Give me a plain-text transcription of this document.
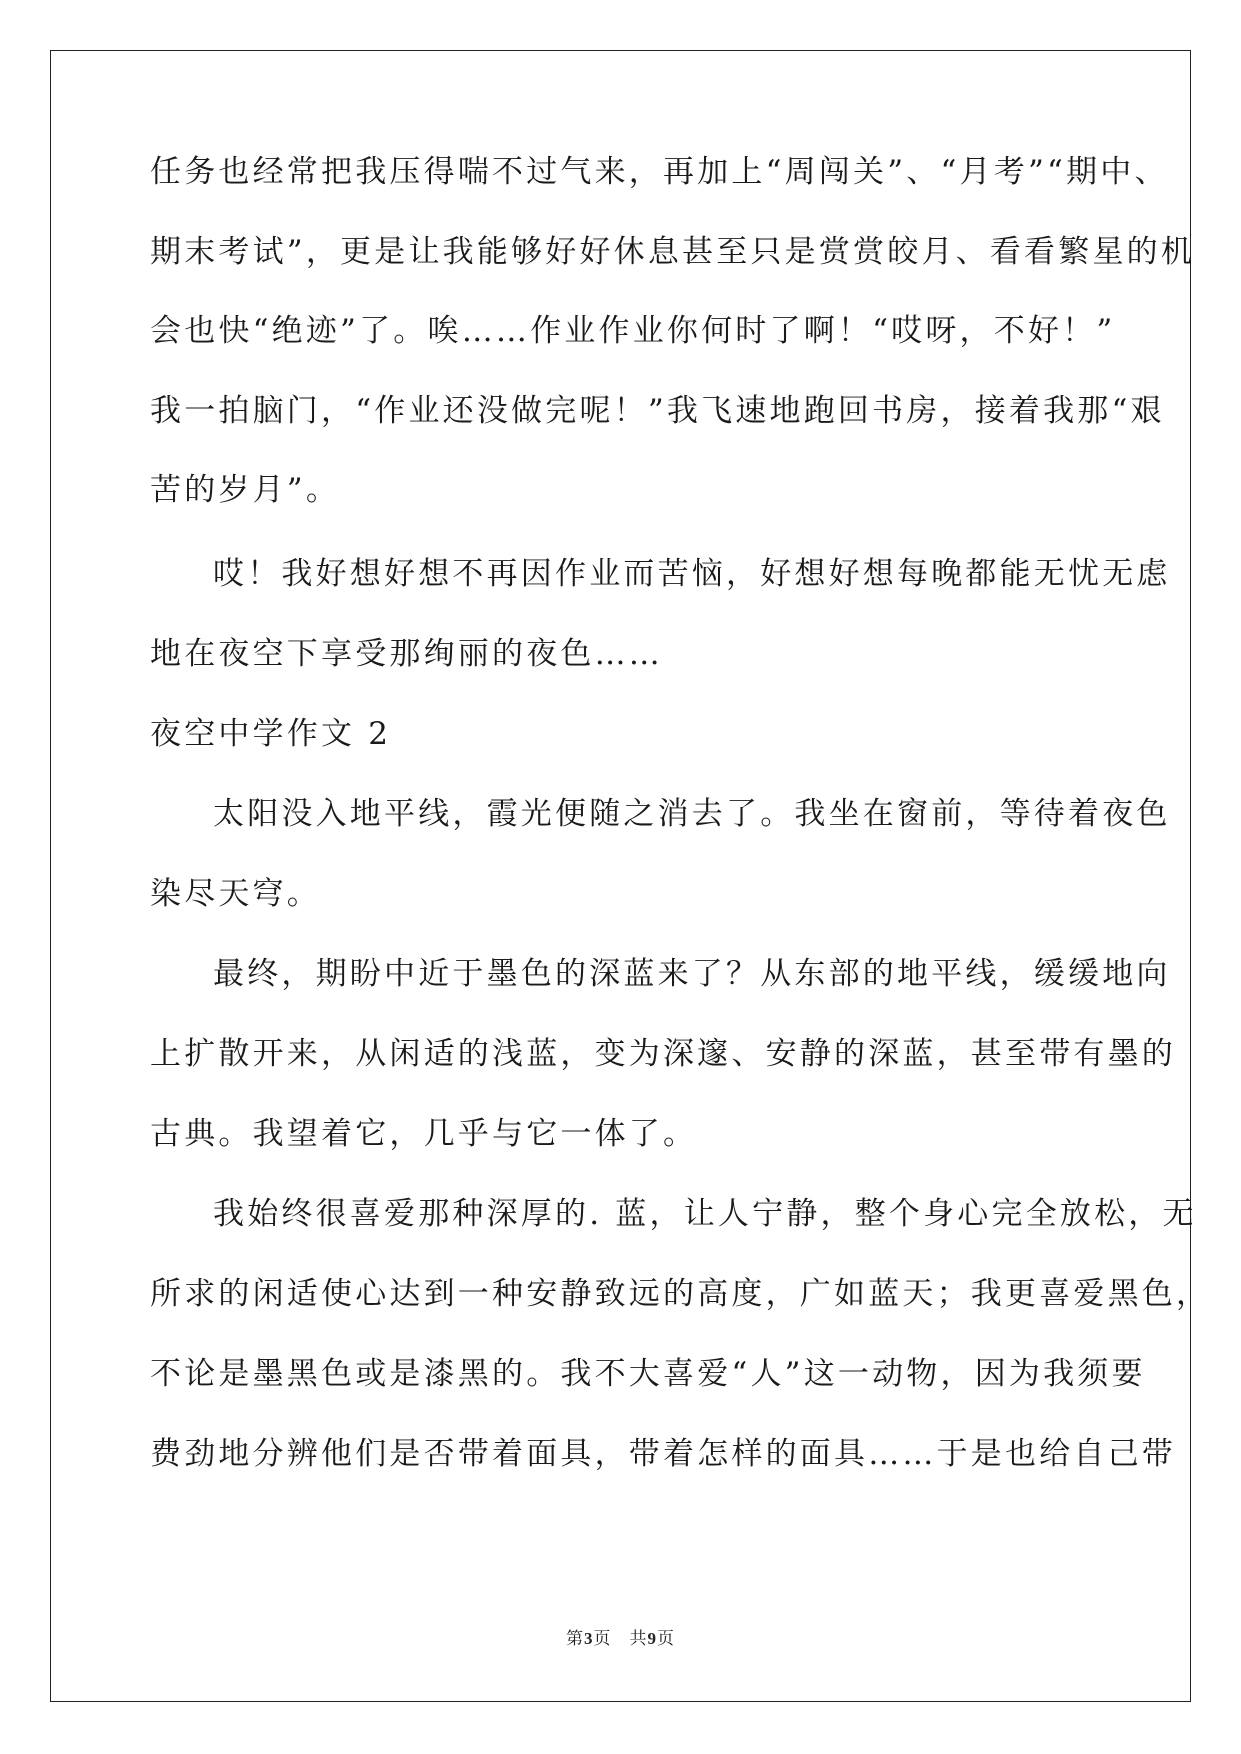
任务也经常把我压得喘不过气来，再加上“周闯关”、“月考”“期中、
期末考试”，更是让我能够好好休息甚至只是赏赏皎月、看看繁星的机
会也快“绝迹”了。唉……作业作业你何时了啊！“哎呀，不好！”
我一拍脑门，“作业还没做完呢！”我飞速地跑回书房，接着我那“艰
苦的岁月”。
哎！我好想好想不再因作业而苦恼，好想好想每晚都能无忧无虑
地在夜空下享受那绚丽的夜色……
夜空中学作文 2
太阳没入地平线，霞光便随之消去了。我坐在窗前，等待着夜色
染尽天穹。
最终，期盼中近于墨色的深蓝来了？从东部的地平线，缓缓地向
上扩散开来，从闲适的浅蓝，变为深邃、安静的深蓝，甚至带有墨的
古典。我望着它，几乎与它一体了。
我始终很喜爱那种深厚的. 蓝，让人宁静，整个身心完全放松，无
所求的闲适使心达到一种安静致远的高度，广如蓝天；我更喜爱黑色，
不论是墨黑色或是漆黑的。我不大喜爱“人”这一动物，因为我须要
费劲地分辨他们是否带着面具，带着怎样的面具……于是也给自己带
第3页　共9页
